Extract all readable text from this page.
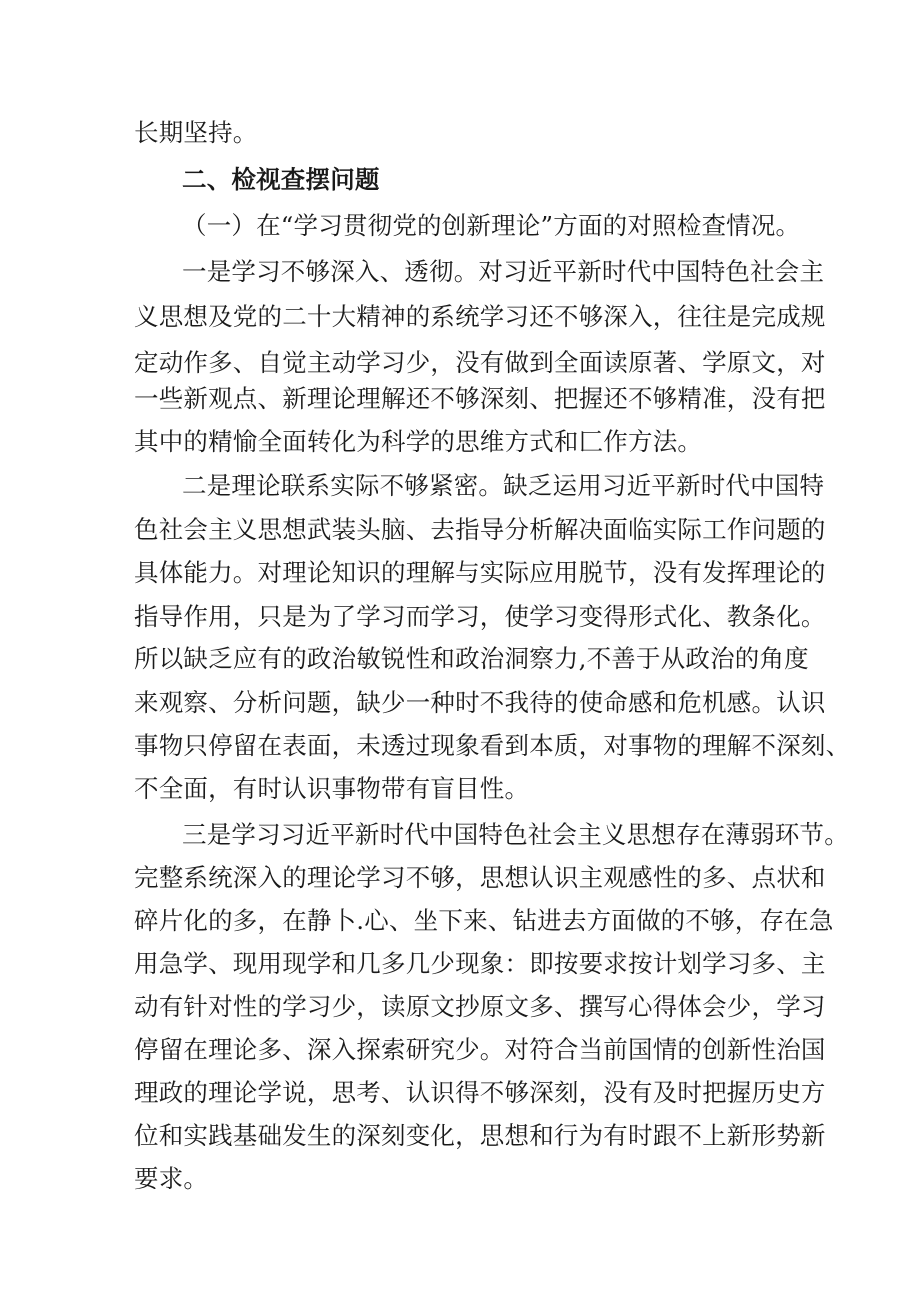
长期坚持。
二、检视查摆问题
（一）在“学习贯彻党的创新理论”方面的对照检查情况。
一是学习不够深入、透彻。对习近平新时代中国特色社会主
义思想及党的二十大精神的系统学习还不够深入，往往是完成规
定动作多、自觉主动学习少，没有做到全面读原著、学原文，对
一些新观点、新理论理解还不够深刻、把握还不够精准，没有把
其中的精愉全面转化为科学的思维方式和匚作方法。
二是理论联系实际不够紧密。缺乏运用习近平新时代中国特
色社会主义思想武装头脑、去指导分析解决面临实际工作问题的
具体能力。对理论知识的理解与实际应用脱节，没有发挥理论的
指导作用，只是为了学习而学习，使学习变得形式化、教条化。
所以缺乏应有的政治敏锐性和政治洞察力,不善于从政治的角度
来观察、分析问题，缺少一种时不我待的使命感和危机感。认识
事物只停留在表面，未透过现象看到本质，对事物的理解不深刻、
不全面，有时认识事物带有盲目性。
三是学习习近平新时代中国特色社会主义思想存在薄弱环节。
完整系统深入的理论学习不够，思想认识主观感性的多、点状和
碎片化的多，在静卜.心、坐下来、钻进去方面做的不够，存在急
用急学、现用现学和几多几少现象：即按要求按计划学习多、主
动有针对性的学习少，读原文抄原文多、撰写心得体会少，学习
停留在理论多、深入探索研究少。对符合当前国情的创新性治国
理政的理论学说，思考、认识得不够深刻，没有及时把握历史方
位和实践基础发生的深刻变化，思想和行为有时跟不上新形势新
要求。
